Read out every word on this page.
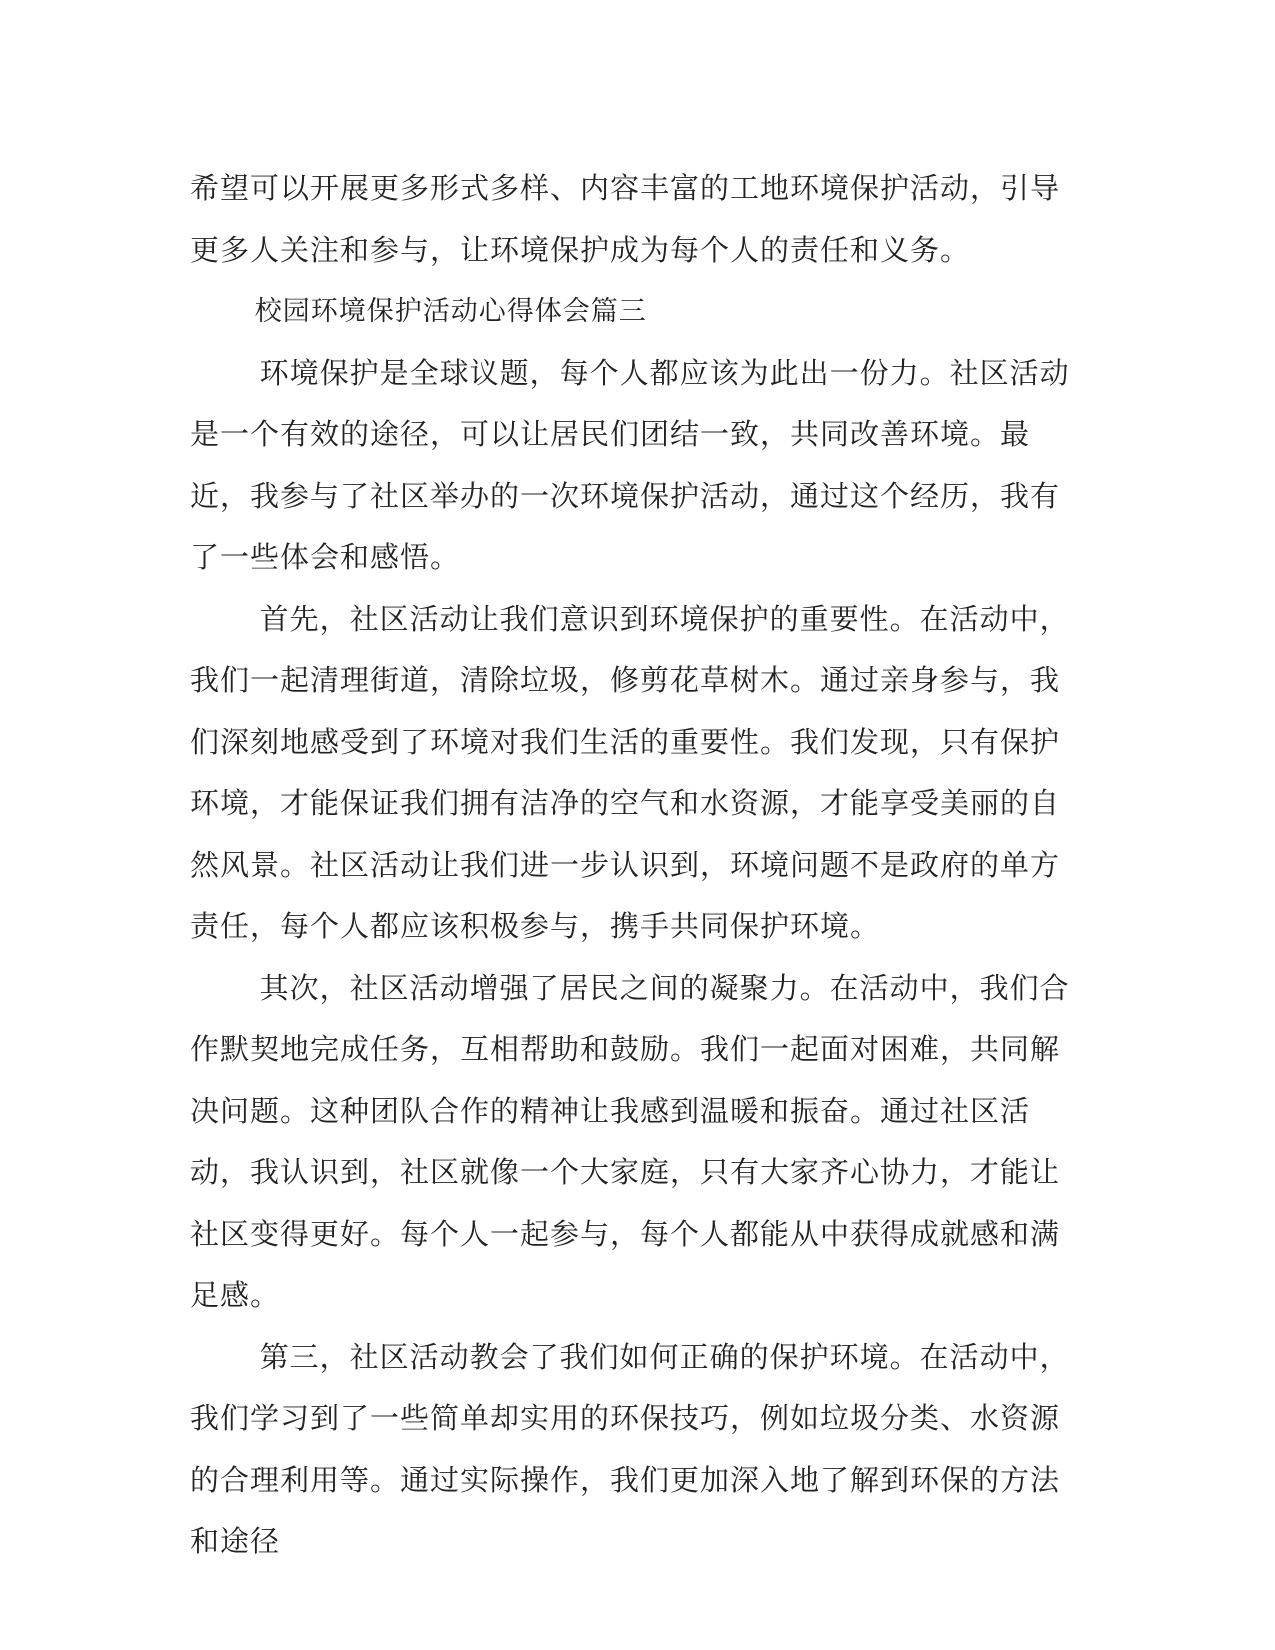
希望可以开展更多形式多样、内容丰富的工地环境保护活动，引导更多人关注和参与，让环境保护成为每个人的责任和义务。

校园环境保护活动心得体会篇三

环境保护是全球议题，每个人都应该为此出一份力。社区活动是一个有效的途径，可以让居民们团结一致，共同改善环境。最近，我参与了社区举办的一次环境保护活动，通过这个经历，我有了一些体会和感悟。

首先，社区活动让我们意识到环境保护的重要性。在活动中，我们一起清理街道，清除垃圾，修剪花草树木。通过亲身参与，我们深刻地感受到了环境对我们生活的重要性。我们发现，只有保护环境，才能保证我们拥有洁净的空气和水资源，才能享受美丽的自然风景。社区活动让我们进一步认识到，环境问题不是政府的单方责任，每个人都应该积极参与，携手共同保护环境。

其次，社区活动增强了居民之间的凝聚力。在活动中，我们合作默契地完成任务，互相帮助和鼓励。我们一起面对困难，共同解决问题。这种团队合作的精神让我感到温暖和振奋。通过社区活动，我认识到，社区就像一个大家庭，只有大家齐心协力，才能让社区变得更好。每个人一起参与，每个人都能从中获得成就感和满足感。

第三，社区活动教会了我们如何正确的保护环境。在活动中，我们学习到了一些简单却实用的环保技巧，例如垃圾分类、水资源的合理利用等。通过实际操作，我们更加深入地了解到环保的方法和途径
